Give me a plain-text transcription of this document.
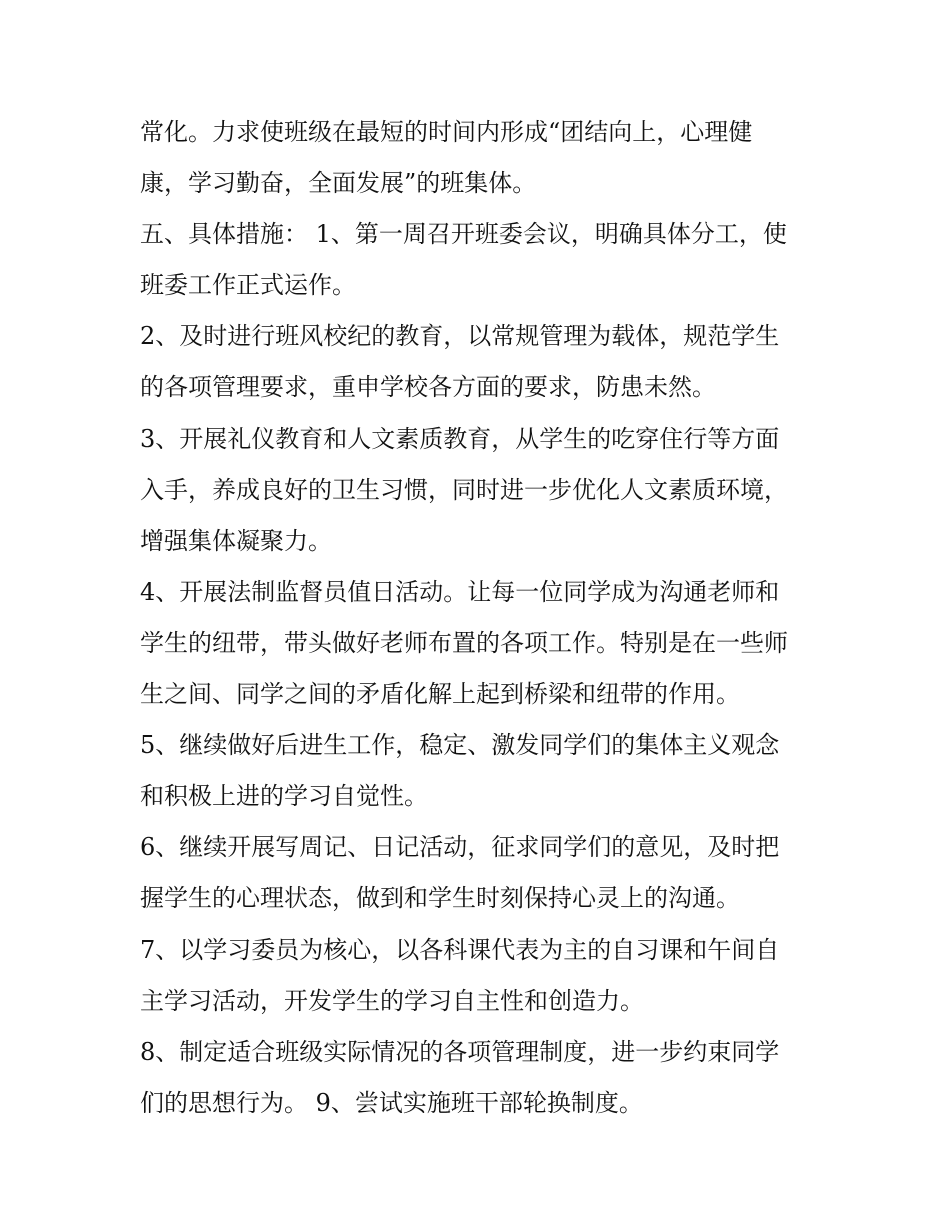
常化。力求使班级在最短的时间内形成“团结向上，心理健
康，学习勤奋，全面发展”的班集体。
五、具体措施： 1、第一周召开班委会议，明确具体分工，使
班委工作正式运作。
2、及时进行班风校纪的教育，以常规管理为载体，规范学生
的各项管理要求，重申学校各方面的要求，防患未然。
3、开展礼仪教育和人文素质教育，从学生的吃穿住行等方面
入手，养成良好的卫生习惯，同时进一步优化人文素质环境，
增强集体凝聚力。
4、开展法制监督员值日活动。让每一位同学成为沟通老师和
学生的纽带，带头做好老师布置的各项工作。特别是在一些师
生之间、同学之间的矛盾化解上起到桥梁和纽带的作用。
5、继续做好后进生工作，稳定、激发同学们的集体主义观念
和积极上进的学习自觉性。
6、继续开展写周记、日记活动，征求同学们的意见，及时把
握学生的心理状态，做到和学生时刻保持心灵上的沟通。
7、以学习委员为核心，以各科课代表为主的自习课和午间自
主学习活动，开发学生的学习自主性和创造力。
8、制定适合班级实际情况的各项管理制度，进一步约束同学
们的思想行为。 9、尝试实施班干部轮换制度。
